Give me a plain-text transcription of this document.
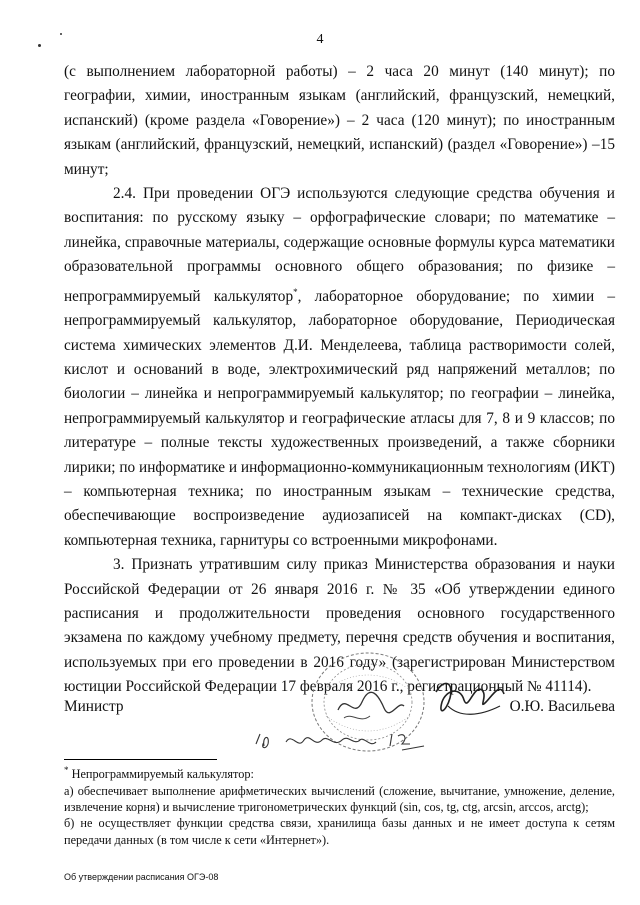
4

(с выполнением лабораторной работы) – 2 часа 20 минут (140 минут); по географии, химии, иностранным языкам (английский, французский, немецкий, испанский) (кроме раздела «Говорение») – 2 часа (120 минут); по иностранным языкам (английский, французский, немецкий, испанский) (раздел «Говорение») –15 минут;

2.4. При проведении ОГЭ используются следующие средства обучения и воспитания: по русскому языку – орфографические словари; по математике – линейка, справочные материалы, содержащие основные формулы курса математики образовательной программы основного общего образования; по физике – непрограммируемый калькулятор*, лабораторное оборудование; по химии – непрограммируемый калькулятор, лабораторное оборудование, Периодическая система химических элементов Д.И. Менделеева, таблица растворимости солей, кислот и оснований в воде, электрохимический ряд напряжений металлов; по биологии – линейка и непрограммируемый калькулятор; по географии – линейка, непрограммируемый калькулятор и географические атласы для 7, 8 и 9 классов; по литературе – полные тексты художественных произведений, а также сборники лирики; по информатике и информационно-коммуникационным технологиям (ИКТ) – компьютерная техника; по иностранным языкам – технические средства, обеспечивающие воспроизведение аудиозаписей на компакт-дисках (CD), компьютерная техника, гарнитуры со встроенными микрофонами.

3. Признать утратившим силу приказ Министерства образования и науки Российской Федерации от 26 января 2016 г. № 35 «Об утверждении единого расписания и продолжительности проведения основного государственного экзамена по каждому учебному предмету, перечня средств обучения и воспитания, используемых при его проведении в 2016 году» (зарегистрирован Министерством юстиции Российской Федерации 17 февраля 2016 г., регистрационный № 41114).

Министр	О.Ю. Васильева

* Непрограммируемый калькулятор:

а) обеспечивает выполнение арифметических вычислений (сложение, вычитание, умножение, деление, извлечение корня) и вычисление тригонометрических функций (sin, cos, tg, ctg, arcsin, arccos, arctg);

б) не осуществляет функции средства связи, хранилища базы данных и не имеет доступа к сетям передачи данных (в том числе к сети «Интернет»).

Об утверждении расписания ОГЭ-08
